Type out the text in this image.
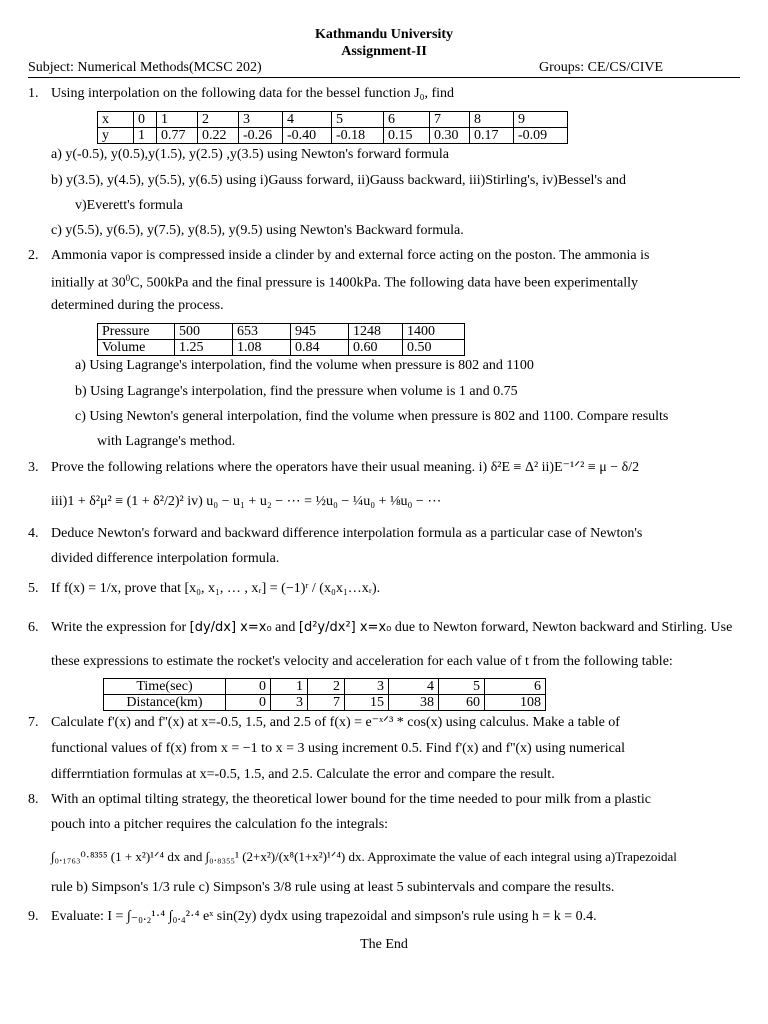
Kathmandu University
Assignment-II
Subject: Numerical Methods(MCSC 202)	Groups: CE/CS/CIVE
1. Using interpolation on the following data for the bessel function J₀, find
x	0	1	2	3	4	5	6	7	8	9
y	1	0.77	0.22	-0.26	-0.40	-0.18	0.15	0.30	0.17	-0.09
a) y(-0.5), y(0.5),y(1.5), y(2.5) ,y(3.5) using Newton's forward formula
b) y(3.5), y(4.5), y(5.5), y(6.5) using i)Gauss forward, ii)Gauss backward, iii)Stirling's, iv)Bessel's and
v)Everett's formula
c) y(5.5), y(6.5), y(7.5), y(8.5), y(9.5) using Newton's Backward formula.
2. Ammonia vapor is compressed inside a clinder by and external force acting on the poston. The ammonia is
initially at $30^0C$, 500kPa and the final pressure is 1400kPa. The following data have been experimentally
determined during the process.
Pressure	500	653	945	1248	1400
Volume	1.25	1.08	0.84	0.60	0.50
a) Using Lagrange's interpolation, find the volume when pressure is 802 and 1100
b) Using Lagrange's interpolation, find the pressure when volume is 1 and 0.75
c) Using Newton's general interpolation, find the volume when pressure is 802 and 1100. Compare results
with Lagrange's method.
3. Prove the following relations where the operators have their usual meaning. i) δ²E ≡ Δ² ii)E⁻¹ᐟ² ≡ μ − δ/2
iii)1 + δ²μ² ≡ (1 + δ²/2)² iv) u₀ − u₁ + u₂ − ⋯ = ½u₀ − ¼u₀ + ⅛u₀ − ⋯
4. Deduce Newton's forward and backward difference interpolation formula as a particular case of Newton's
divided difference interpolation formula.
5. If f(x) = 1/x, prove that [x₀, x₁, … , xᵣ] = (−1)ʳ / (x₀x₁…xᵣ).
6. Write the expression for [dy/dx] x=x₀ and [d²y/dx²] x=x₀ due to Newton forward, Newton backward and Stirling. Use
these expressions to estimate the rocket's velocity and acceleration for each value of t from the following table:
Time(sec)	0	1	2	3	4	5	6
Distance(km)	0	3	7	15	38	60	108
7. Calculate f'(x) and f''(x) at x=-0.5, 1.5, and 2.5 of f(x) = e⁻ˣᐟ³ * cos(x) using calculus. Make a table of
functional values of f(x) from x = −1 to x = 3 using increment 0.5. Find f'(x) and f''(x) using numerical
differrntiation formulas at x=-0.5, 1.5, and 2.5. Calculate the error and compare the result.
8. With an optimal tilting strategy, the theoretical lower bound for the time needed to pour milk from a plastic
pouch into a pitcher requires the calculation fo the integrals:
∫₀.₁₇₆₃⁰·⁸³⁵⁵ (1 + x²)¹ᐟ⁴ dx and ∫₀.₈₃₅₅¹ (2+x²)/(x⁸(1+x²)¹ᐟ⁴) dx. Approximate the value of each integral using a)Trapezoidal
rule b) Simpson's 1/3 rule c) Simpson's 3/8 rule using at least 5 subintervals and compare the results.
9. Evaluate: I = ∫₋₀.₂¹·⁴ ∫₀.₄²·⁴ eˣ sin(2y) dydx using trapezoidal and simpson's rule using h = k = 0.4.
The End
